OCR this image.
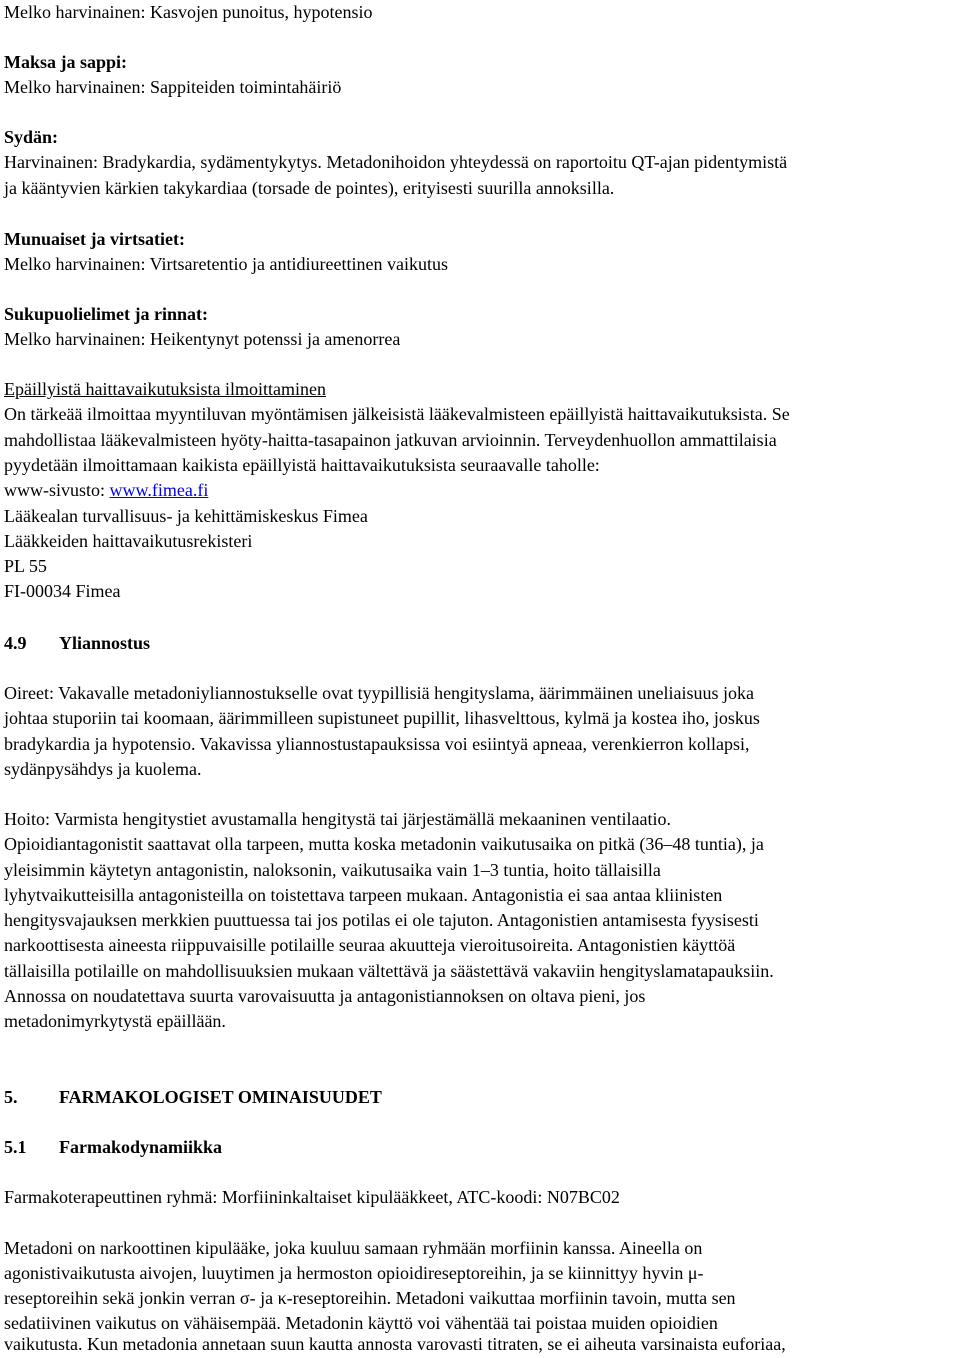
Melko harvinainen: Kasvojen punoitus, hypotensio
Maksa ja sappi:
Melko harvinainen: Sappiteiden toimintahäiriö
Sydän:
Harvinainen: Bradykardia, sydämentykytys. Metadonihoidon yhteydessä on raportoitu QT-ajan pidentymistä
ja kääntyvien kärkien takykardiaa (torsade de pointes), erityisesti suurilla annoksilla.
Munuaiset ja virtsatiet:
Melko harvinainen: Virtsaretentio ja antidiureettinen vaikutus
Sukupuolielimet ja rinnat:
Melko harvinainen: Heikentynyt potenssi ja amenorrea
Epäillyistä haittavaikutuksista ilmoittaminen
On tärkeää ilmoittaa myyntiluvan myöntämisen jälkeisistä lääkevalmisteen epäillyistä haittavaikutuksista. Se
mahdollistaa lääkevalmisteen hyöty-haitta-tasapainon jatkuvan arvioinnin. Terveydenhuollon ammattilaisia
pyydetään ilmoittamaan kaikista epäillyistä haittavaikutuksista seuraavalle taholle:
www-sivusto: www.fimea.fi
Lääkealan turvallisuus- ja kehittämiskeskus Fimea
Lääkkeiden haittavaikutusrekisteri
PL 55
FI-00034 Fimea
4.9 Yliannostus
Oireet: Vakavalle metadoniyliannostukselle ovat tyypillisiä hengityslama, äärimmäinen uneliaisuus joka
johtaa stuporiin tai koomaan, äärimmilleen supistuneet pupillit, lihasvelttous, kylmä ja kostea iho, joskus
bradykardia ja hypotensio. Vakavissa yliannostustapauksissa voi esiintyä apneaa, verenkierron kollapsi,
sydänpysähdys ja kuolema.
Hoito: Varmista hengitystiet avustamalla hengitystä tai järjestämällä mekaaninen ventilaatio.
Opioidiantagonistit saattavat olla tarpeen, mutta koska metadonin vaikutusaika on pitkä (36–48 tuntia), ja
yleisimmin käytetyn antagonistin, naloksonin, vaikutusaika vain 1–3 tuntia, hoito tällaisilla
lyhytvaikutteisilla antagonisteilla on toistettava tarpeen mukaan. Antagonistia ei saa antaa kliinisten
hengitysvajauksen merkkien puuttuessa tai jos potilas ei ole tajuton. Antagonistien antamisesta fyysisesti
narkoottisesta aineesta riippuvaisille potilaille seuraa akuutteja vieroitusoireita. Antagonistien käyttöä
tällaisilla potilaille on mahdollisuuksien mukaan vältettävä ja säästettävä vakaviin hengityslamatapauksiin.
Annossa on noudatettava suurta varovaisuutta ja antagonistiannoksen on oltava pieni, jos
metadonimyrkytystä epäillään.
5. FARMAKOLOGISET OMINAISUUDET
5.1 Farmakodynamiikka
Farmakoterapeuttinen ryhmä: Morfiininkaltaiset kipulääkkeet, ATC-koodi: N07BC02
Metadoni on narkoottinen kipulääke, joka kuuluu samaan ryhmään morfiinin kanssa. Aineella on
agonistivaikutusta aivojen, luuytimen ja hermoston opioidireseptoreihin, ja se kiinnittyy hyvin μ-
reseptoreihin sekä jonkin verran σ- ja κ-reseptoreihin. Metadoni vaikuttaa morfiinin tavoin, mutta sen
sedatiivinen vaikutus on vähäisempää. Metadonin käyttö voi vähentää tai poistaa muiden opioidien
vaikutusta. Kun metadonia annetaan suun kautta annosta varovasti titraten, se ei aiheuta varsinaista euforiaa,
